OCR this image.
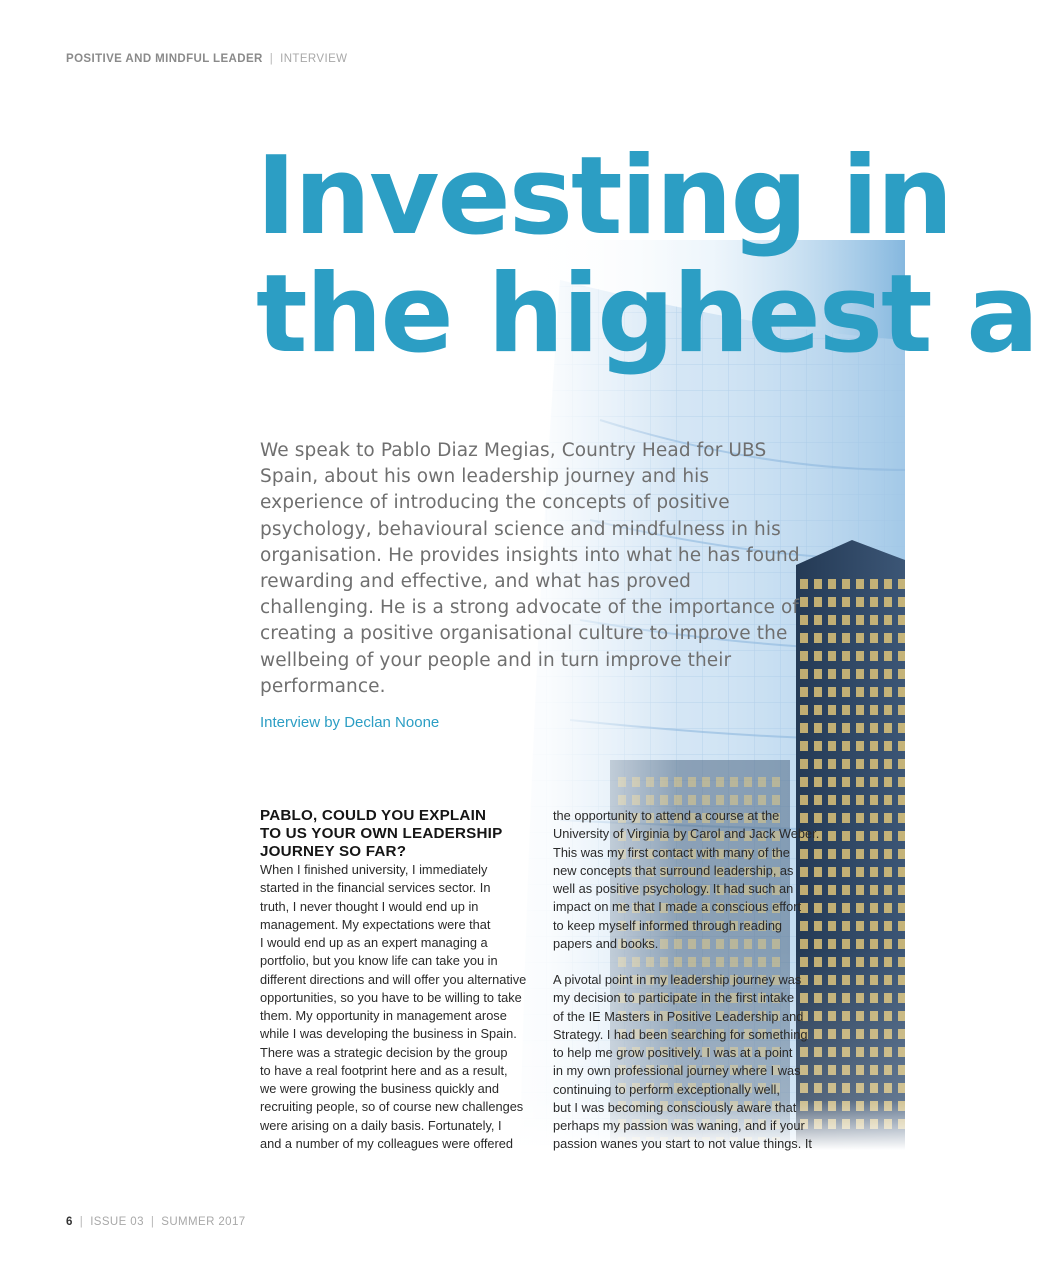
POSITIVE AND MINDFUL LEADER | INTERVIEW
Investing in
the highest a

We speak to Pablo Diaz Megias, Country Head for UBS Spain, about his own leadership journey and his experience of introducing the concepts of positive psychology, behavioural science and mindfulness in his organisation. He provides insights into what he has found rewarding and effective, and what has proved challenging. He is a strong advocate of the importance of creating a positive organisational culture to improve the wellbeing of your people and in turn improve their performance.

Interview by Declan Noone

PABLO, COULD YOU EXPLAIN
TO US YOUR OWN LEADERSHIP
JOURNEY SO FAR?

When I finished university, I immediately
started in the financial services sector. In
truth, I never thought I would end up in
management. My expectations were that
I would end up as an expert managing a
portfolio, but you know life can take you in
different directions and will offer you alternative
opportunities, so you have to be willing to take
them. My opportunity in management arose
while I was developing the business in Spain.
There was a strategic decision by the group
to have a real footprint here and as a result,
we were growing the business quickly and
recruiting people, so of course new challenges
were arising on a daily basis. Fortunately, I
and a number of my colleagues were offered

the opportunity to attend a course at the
University of Virginia by Carol and Jack Weber.
This was my first contact with many of the
new concepts that surround leadership, as
well as positive psychology. It had such an
impact on me that I made a conscious effort
to keep myself informed through reading
papers and books.

A pivotal point in my leadership journey was
my decision to participate in the first intake
of the IE Masters in Positive Leadership and
Strategy. I had been searching for something
to help me grow positively. I was at a point
in my own professional journey where I was
continuing to perform exceptionally well,
but I was becoming consciously aware that
perhaps my passion was waning, and if your
passion wanes you start to not value things. It

6 | ISSUE 03 | SUMMER 2017
